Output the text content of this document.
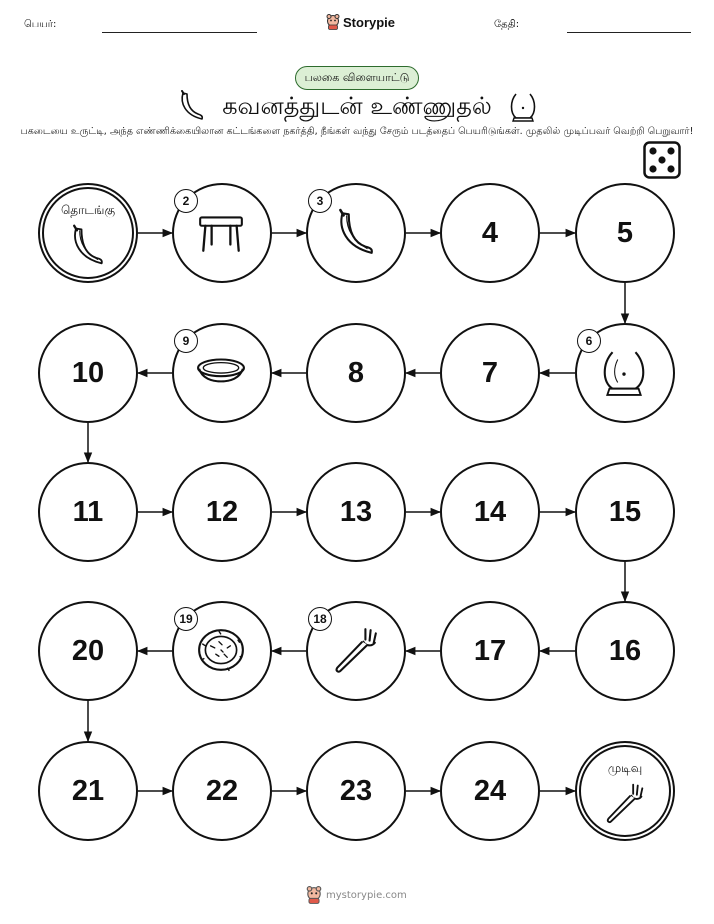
பெயர்:	Storypie	தேதி:
பலகை விளையாட்டு
கவனத்துடன் உண்ணுதல்
பகடையை உருட்டி, அந்த எண்ணிக்கையிலான கட்டங்களை நகர்த்தி, நீங்கள் வந்து சேரும் படத்தைப் பெயரிடுங்கள். முதலில் முடிப்பவர் வெற்றி பெறுவார்!
தொடங்கு
2	3
4	5
6
7
8
9
10
11	12	13	14	15
16
17
18
19
20
21	22	23	24
முடிவு
mystorypie.com
